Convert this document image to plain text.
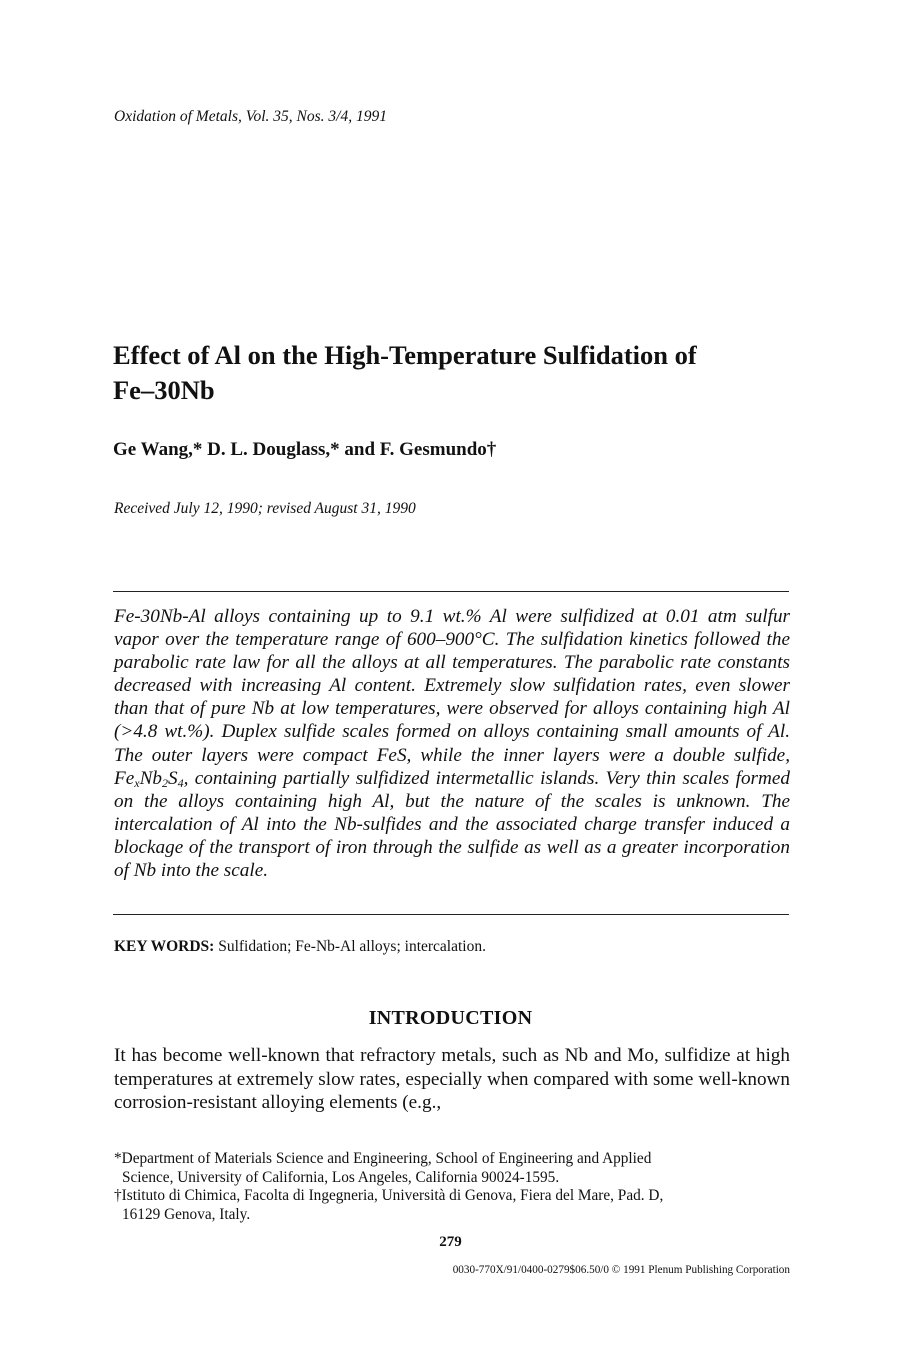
Oxidation of Metals, Vol. 35, Nos. 3/4, 1991
Effect of Al on the High-Temperature Sulfidation of
Fe–30Nb
Ge Wang,* D. L. Douglass,* and F. Gesmundo†
Received July 12, 1990; revised August 31, 1990

Fe-30Nb-Al alloys containing up to 9.1 wt.% Al were sulfidized at 0.01 atm sulfur vapor over the temperature range of 600–900°C. The sulfidation kinetics followed the parabolic rate law for all the alloys at all temperatures. The parabolic rate constants decreased with increasing Al content. Extremely slow sulfidation rates, even slower than that of pure Nb at low temperatures, were observed for alloys containing high Al (>4.8 wt.%). Duplex sulfide scales formed on alloys containing small amounts of Al. The outer layers were compact FeS, while the inner layers were a double sulfide, $Fe_xNb_2S_4$, containing partially sulfidized intermetallic islands. Very thin scales formed on the alloys containing high Al, but the nature of the scales is unknown. The intercalation of Al into the Nb-sulfides and the associated charge transfer induced a blockage of the transport of iron through the sulfide as well as a greater incorporation of Nb into the scale.

KEY WORDS: Sulfidation; Fe-Nb-Al alloys; intercalation.
INTRODUCTION

It has become well-known that refractory metals, such as Nb and Mo, sulfidize at high temperatures at extremely slow rates, especially when compared with some well-known corrosion-resistant alloying elements (e.g.,

*Department of Materials Science and Engineering, School of Engineering and Applied
Science, University of California, Los Angeles, California 90024-1595.

†Istituto di Chimica, Facolta di Ingegneria, Università di Genova, Fiera del Mare, Pad. D,
16129 Genova, Italy.

279
0030-770X/91/0400-0279$06.50/0 © 1991 Plenum Publishing Corporation
